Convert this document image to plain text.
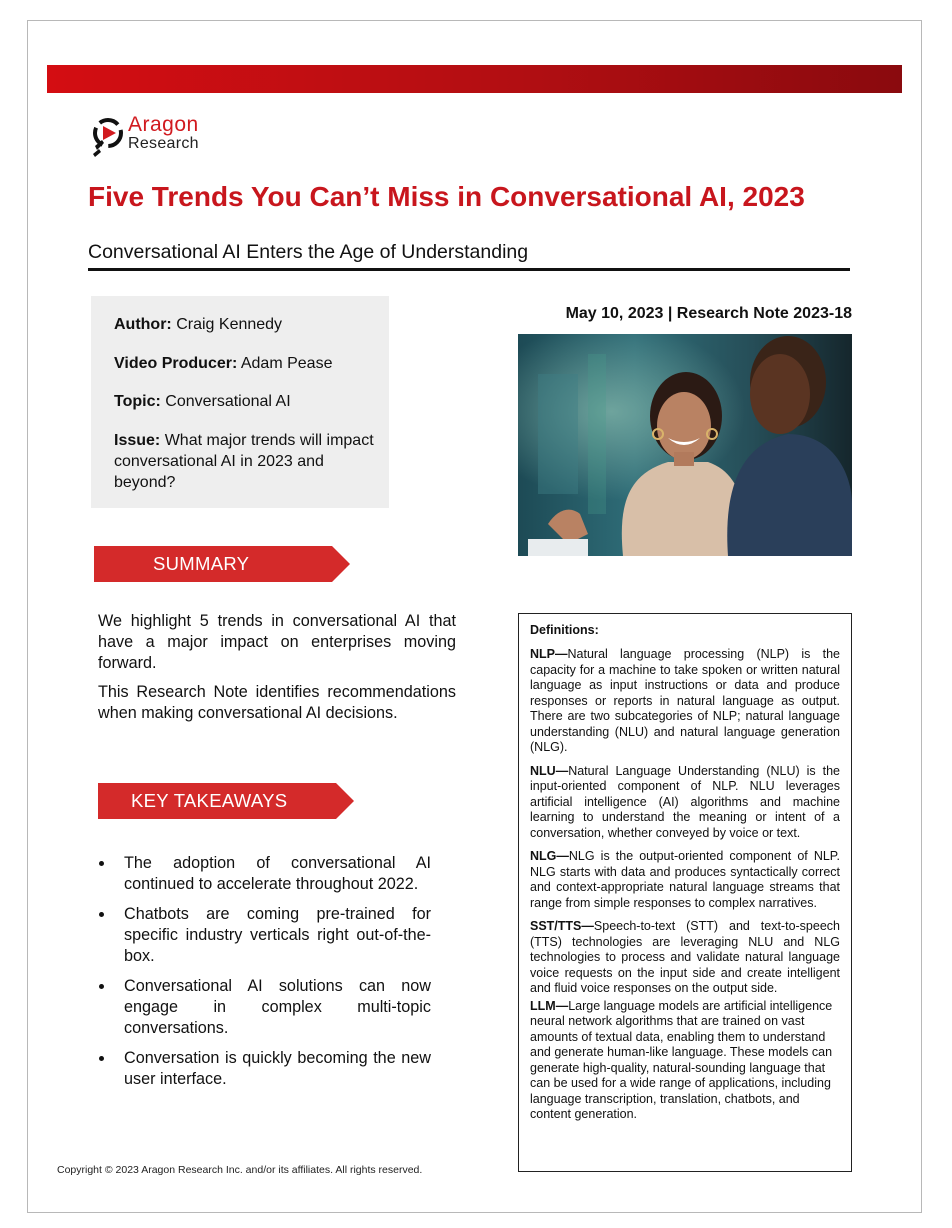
Aragon
Research
Five Trends You Can’t Miss in Conversational AI, 2023
Conversational AI Enters the Age of Understanding
Author: Craig Kennedy
Video Producer: Adam Pease
Topic: Conversational AI
Issue: What major trends will impact conversational AI in 2023 and beyond?
May 10, 2023 | Research Note 2023-18
SUMMARY
We highlight 5 trends in conversational AI that have a major impact on enterprises moving forward.
This Research Note identifies recommendations when making conversational AI decisions.
KEY TAKEAWAYS
The adoption of conversational AI continued to accelerate throughout 2022.
Chatbots are coming pre-trained for specific industry verticals right out-of-the-box.
Conversational AI solutions can now engage in complex multi-topic conversations.
Conversation is quickly becoming the new user interface.
Definitions:
NLP—Natural language processing (NLP) is the capacity for a machine to take spoken or written natural language as input instructions or data and produce responses or reports in natural language as output. There are two subcategories of NLP; natural language understanding (NLU) and natural language generation (NLG).
NLU—Natural Language Understanding (NLU) is the input-oriented component of NLP. NLU leverages artificial intelligence (AI) algorithms and machine learning to understand the meaning or intent of a conversation, whether conveyed by voice or text.
NLG—NLG is the output-oriented component of NLP. NLG starts with data and produces syntactically correct and context-appropriate natural language streams that range from simple responses to complex narratives.
SST/TTS—Speech-to-text (STT) and text-to-speech (TTS) technologies are leveraging NLU and NLG technologies to process and validate natural language voice requests on the input side and create intelligent and fluid voice responses on the output side.
LLM—Large language models are artificial intelligence neural network algorithms that are trained on vast amounts of textual data, enabling them to understand and generate human-like language. These models can generate high-quality, natural-sounding language that can be used for a wide range of applications, including language transcription, translation, chatbots, and content generation.
Copyright © 2023 Aragon Research Inc. and/or its affiliates. All rights reserved.
